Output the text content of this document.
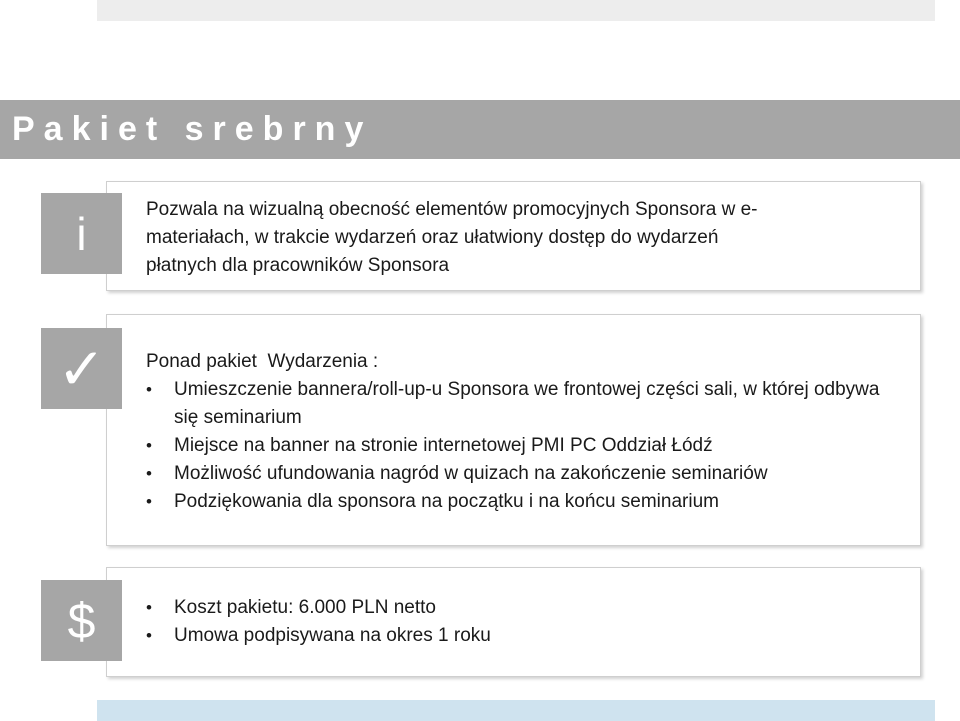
Pakiet srebrny
i	Pozwala na wizualną obecność elementów promocyjnych Sponsora w e-

materiałach, w trakcie wydarzeń oraz ułatwiony dostęp do wydarzeń

płatnych dla pracowników Sponsora

✓ Ponad pakiet  Wydarzenia :

• Umieszczenie bannera/roll-up-u Sponsora we frontowej części sali, w której odbywa się seminarium
• Miejsce na banner na stronie internetowej PMI PC Oddział Łódź
• Możliwość ufundowania nagród w quizach na zakończenie seminariów
• Podziękowania dla sponsora na początku i na końcu seminarium
$
•	Koszt pakietu: 6.000 PLN netto
• Umowa podpisywana na okres 1 roku
